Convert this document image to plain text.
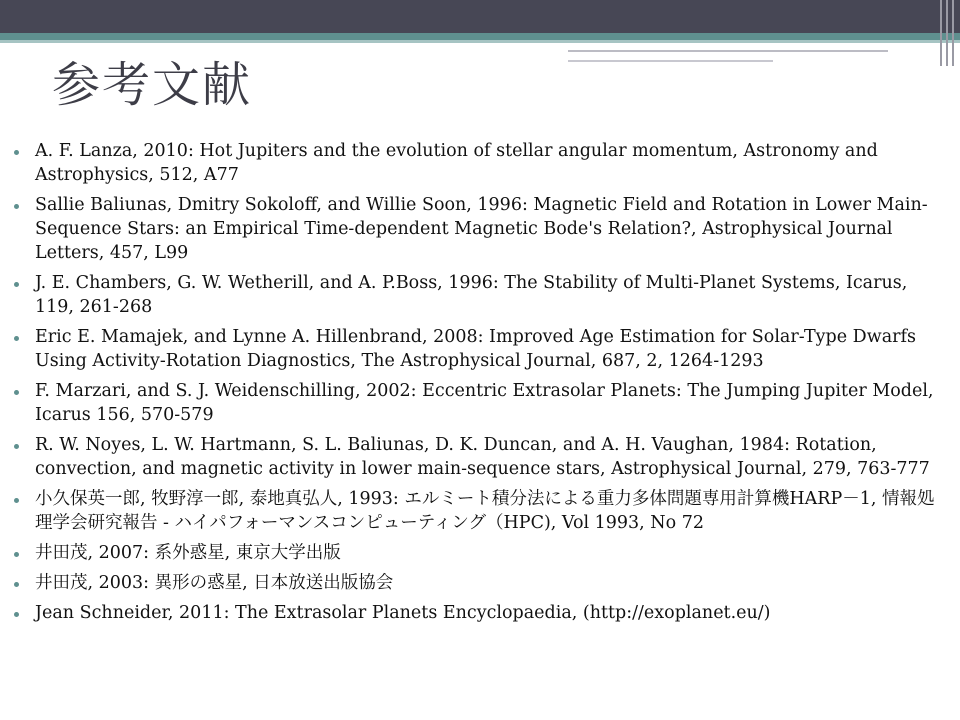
参考文献
A. F. Lanza, 2010: Hot Jupiters and the evolution of stellar angular momentum, Astronomy and Astrophysics, 512, A77
Sallie Baliunas, Dmitry Sokoloff, and Willie Soon, 1996: Magnetic Field and Rotation in Lower Main-Sequence Stars: an Empirical Time-dependent Magnetic Bode's Relation?, Astrophysical Journal Letters, 457, L99
J. E. Chambers, G. W. Wetherill, and A. P.Boss, 1996: The Stability of Multi-Planet Systems, Icarus, 119, 261-268
Eric E. Mamajek, and Lynne A. Hillenbrand, 2008: Improved Age Estimation for Solar-Type Dwarfs Using Activity-Rotation Diagnostics, The Astrophysical Journal, 687, 2, 1264-1293
F. Marzari, and S. J. Weidenschilling, 2002: Eccentric Extrasolar Planets: The Jumping Jupiter Model, Icarus 156, 570-579
R. W. Noyes, L. W. Hartmann, S. L. Baliunas, D. K. Duncan, and A. H. Vaughan, 1984: Rotation, convection, and magnetic activity in lower main-sequence stars, Astrophysical Journal, 279, 763-777
小久保英一郎, 牧野淳一郎, 泰地真弘人, 1993: エルミート積分法による重力多体問題専用計算機HARP－1, 情報処理学会研究報告 - ハイパフォーマンスコンピューティング（HPC), Vol 1993, No 72
井田茂, 2007: 系外惑星, 東京大学出版
井田茂, 2003: 異形の惑星, 日本放送出版協会
Jean Schneider, 2011: The Extrasolar Planets Encyclopaedia, (http://exoplanet.eu/)
